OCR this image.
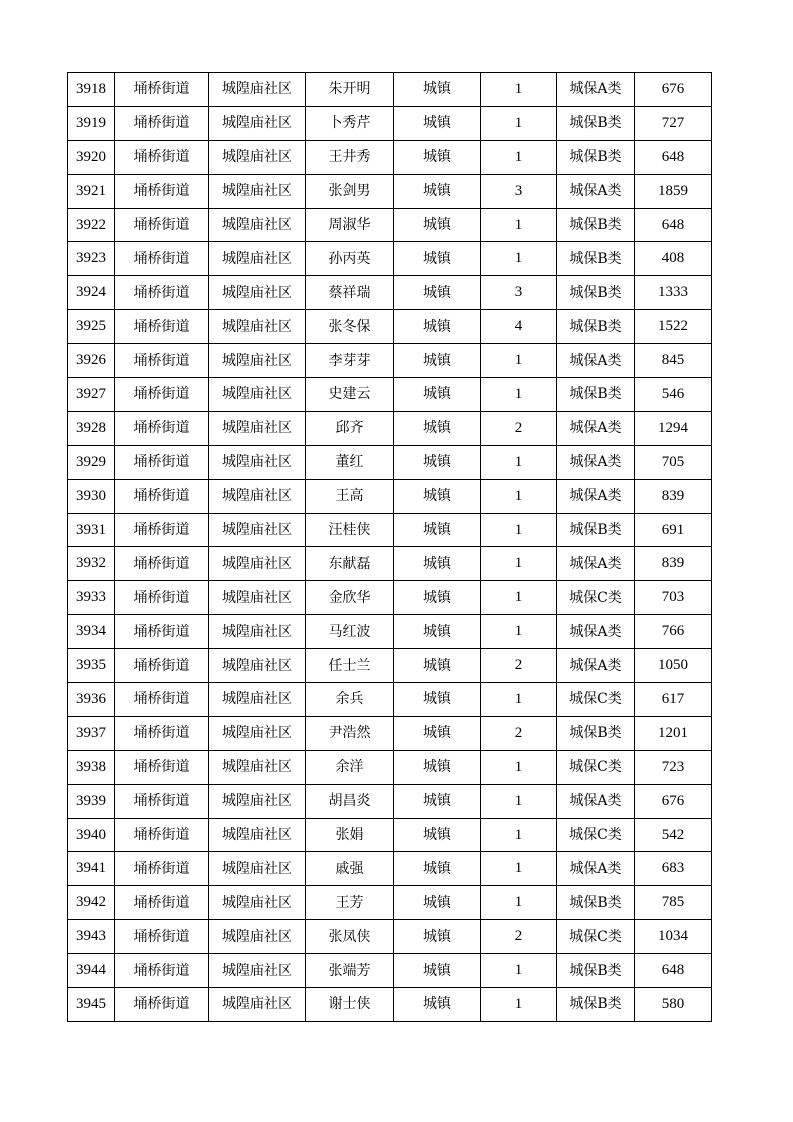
3918	埇桥街道	城隍庙社区	朱开明	城镇	1	城保A类	676
3919	埇桥街道	城隍庙社区	卜秀芹	城镇	1	城保B类	727
3920	埇桥街道	城隍庙社区	王井秀	城镇	1	城保B类	648
3921	埇桥街道	城隍庙社区	张剑男	城镇	3	城保A类	1859
3922	埇桥街道	城隍庙社区	周淑华	城镇	1	城保B类	648
3923	埇桥街道	城隍庙社区	孙丙英	城镇	1	城保B类	408
3924	埇桥街道	城隍庙社区	蔡祥瑞	城镇	3	城保B类	1333
3925	埇桥街道	城隍庙社区	张冬保	城镇	4	城保B类	1522
3926	埇桥街道	城隍庙社区	李芽芽	城镇	1	城保A类	845
3927	埇桥街道	城隍庙社区	史建云	城镇	1	城保B类	546
3928	埇桥街道	城隍庙社区	邱齐	城镇	2	城保A类	1294
3929	埇桥街道	城隍庙社区	董红	城镇	1	城保A类	705
3930	埇桥街道	城隍庙社区	王高	城镇	1	城保A类	839
3931	埇桥街道	城隍庙社区	汪桂侠	城镇	1	城保B类	691
3932	埇桥街道	城隍庙社区	东献磊	城镇	1	城保A类	839
3933	埇桥街道	城隍庙社区	金欣华	城镇	1	城保C类	703
3934	埇桥街道	城隍庙社区	马红波	城镇	1	城保A类	766
3935	埇桥街道	城隍庙社区	任士兰	城镇	2	城保A类	1050
3936	埇桥街道	城隍庙社区	余兵	城镇	1	城保C类	617
3937	埇桥街道	城隍庙社区	尹浩然	城镇	2	城保B类	1201
3938	埇桥街道	城隍庙社区	余洋	城镇	1	城保C类	723
3939	埇桥街道	城隍庙社区	胡昌炎	城镇	1	城保A类	676
3940	埇桥街道	城隍庙社区	张娟	城镇	1	城保C类	542
3941	埇桥街道	城隍庙社区	戚强	城镇	1	城保A类	683
3942	埇桥街道	城隍庙社区	王芳	城镇	1	城保B类	785
3943	埇桥街道	城隍庙社区	张凤侠	城镇	2	城保C类	1034
3944	埇桥街道	城隍庙社区	张端芳	城镇	1	城保B类	648
3945	埇桥街道	城隍庙社区	谢士侠	城镇	1	城保B类	580
